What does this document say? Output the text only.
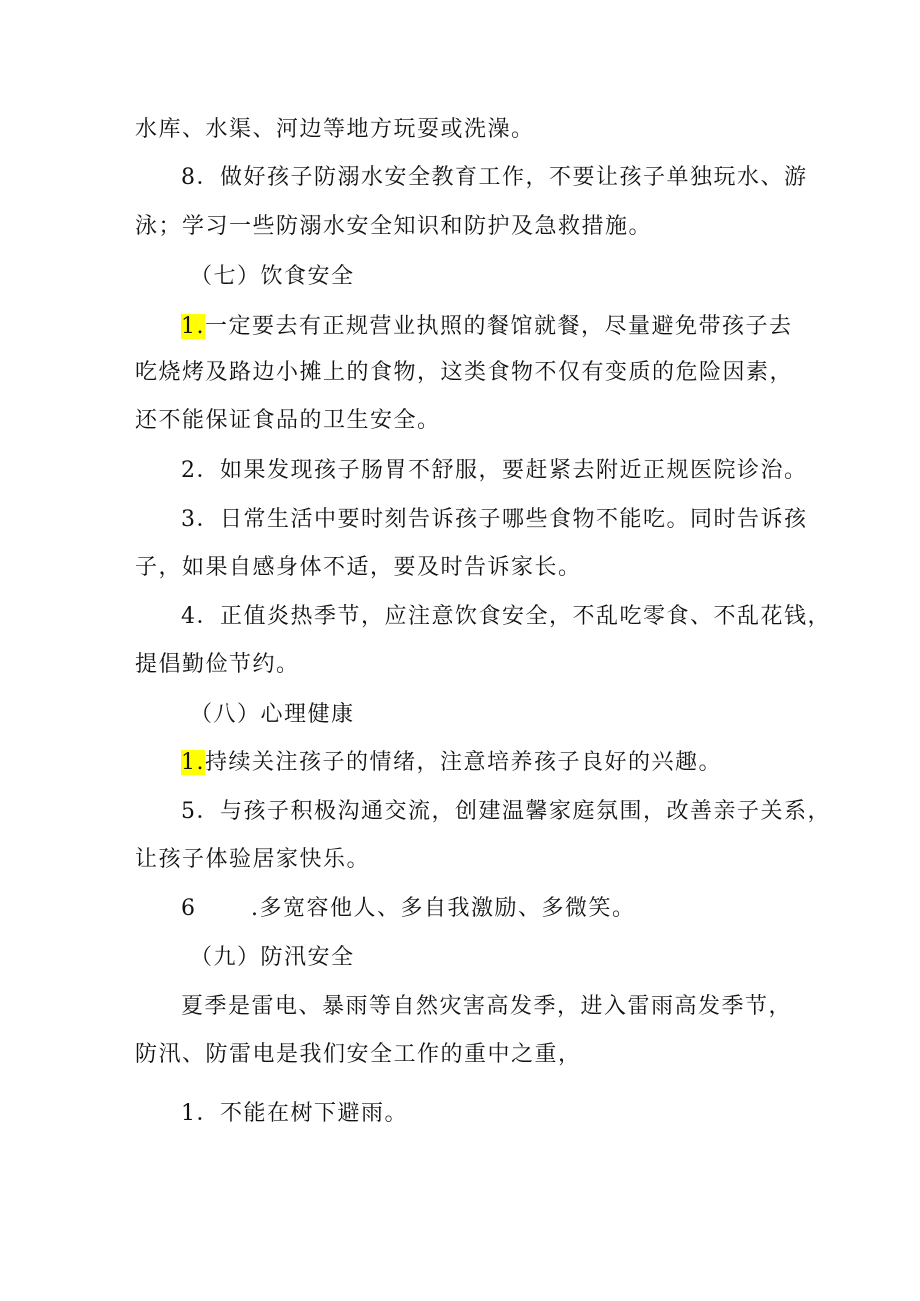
水库、水渠、河边等地方玩耍或洗澡。
8．做好孩子防溺水安全教育工作，不要让孩子单独玩水、游
泳；学习一些防溺水安全知识和防护及急救措施。
（七）饮食安全
1.一定要去有正规营业执照的餐馆就餐，尽量避免带孩子去
吃烧烤及路边小摊上的食物，这类食物不仅有变质的危险因素，
还不能保证食品的卫生安全。
2．如果发现孩子肠胃不舒服，要赶紧去附近正规医院诊治。
3．日常生活中要时刻告诉孩子哪些食物不能吃。同时告诉孩
子，如果自感身体不适，要及时告诉家长。
4．正值炎热季节，应注意饮食安全，不乱吃零食、不乱花钱，
提倡勤俭节约。
（八）心理健康
1.持续关注孩子的情绪，注意培养孩子良好的兴趣。
5．与孩子积极沟通交流，创建温馨家庭氛围，改善亲子关系，
让孩子体验居家快乐。
6 .多宽容他人、多自我激励、多微笑。
（九）防汛安全
夏季是雷电、暴雨等自然灾害高发季，进入雷雨高发季节，
防汛、防雷电是我们安全工作的重中之重，
1．不能在树下避雨。
